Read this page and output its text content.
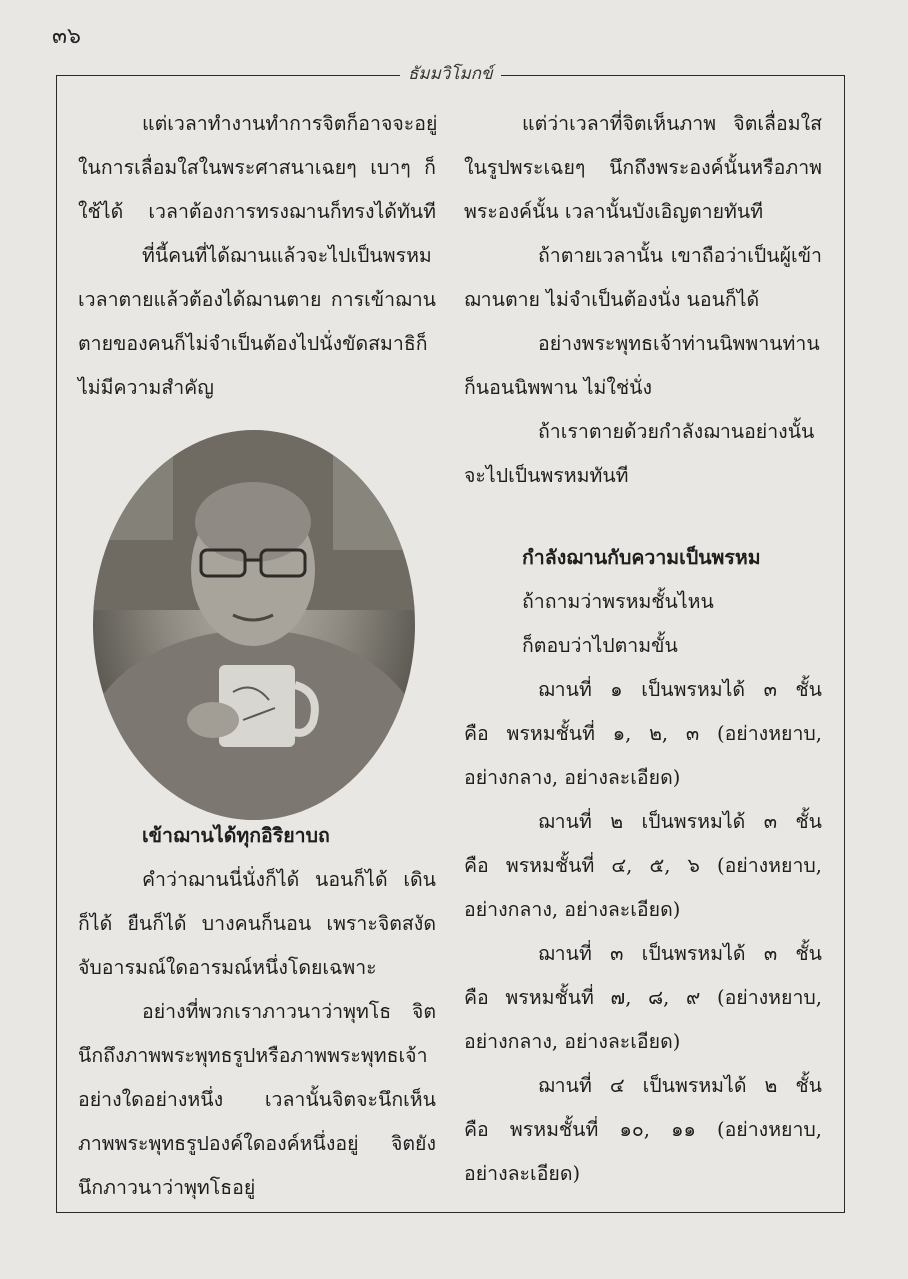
๓๖
ธัมมวิโมกข์
แต่เวลาทำงานทำการจิตก็อาจจะอยู่
ในการเลื่อมใสในพระศาสนาเฉยๆ เบาๆ ก็
ใช้ได้ เวลาต้องการทรงฌานก็ทรงได้ทันที
ที่นี้คนที่ได้ฌานแล้วจะไปเป็นพรหม
เวลาตายแล้วต้องได้ฌานตาย การเข้าฌาน
ตายของคนก็ไม่จำเป็นต้องไปนั่งขัดสมาธิก็
ไม่มีความสำคัญ
เข้าฌานได้ทุกอิริยาบถ
คำว่าฌานนี่นั่งก็ได้ นอนก็ได้ เดิน
ก็ได้ ยืนก็ได้ บางคนก็นอน เพราะจิตสงัด
จับอารมณ์ใดอารมณ์หนึ่งโดยเฉพาะ
อย่างที่พวกเราภาวนาว่าพุทโธ จิต
นึกถึงภาพพระพุทธรูปหรือภาพพระพุทธเจ้า
อย่างใดอย่างหนึ่ง เวลานั้นจิตจะนึกเห็น
ภาพพระพุทธรูปองค์ใดองค์หนึ่งอยู่ จิตยัง
นึกภาวนาว่าพุทโธอยู่
แต่ว่าเวลาที่จิตเห็นภาพ จิตเลื่อมใส
ในรูปพระเฉยๆ นึกถึงพระองค์นั้นหรือภาพ
พระองค์นั้น เวลานั้นบังเอิญตายทันที
ถ้าตายเวลานั้น เขาถือว่าเป็นผู้เข้า
ฌานตาย ไม่จำเป็นต้องนั่ง นอนก็ได้
อย่างพระพุทธเจ้าท่านนิพพานท่าน
ก็นอนนิพพาน ไม่ใช่นั่ง
ถ้าเราตายด้วยกำลังฌานอย่างนั้น
จะไปเป็นพรหมทันที
กำลังฌานกับความเป็นพรหม
ถ้าถามว่าพรหมชั้นไหน
ก็ตอบว่าไปตามขั้น
ฌานที่ ๑ เป็นพรหมได้ ๓ ชั้น
คือ พรหมชั้นที่ ๑, ๒, ๓ (อย่างหยาบ,
อย่างกลาง, อย่างละเอียด)
ฌานที่ ๒ เป็นพรหมได้ ๓ ชั้น
คือ พรหมชั้นที่ ๔, ๕, ๖ (อย่างหยาบ,
อย่างกลาง, อย่างละเอียด)
ฌานที่ ๓ เป็นพรหมได้ ๓ ชั้น
คือ พรหมชั้นที่ ๗, ๘, ๙ (อย่างหยาบ,
อย่างกลาง, อย่างละเอียด)
ฌานที่ ๔ เป็นพรหมได้ ๒ ชั้น
คือ พรหมชั้นที่ ๑๐, ๑๑ (อย่างหยาบ,
อย่างละเอียด)
